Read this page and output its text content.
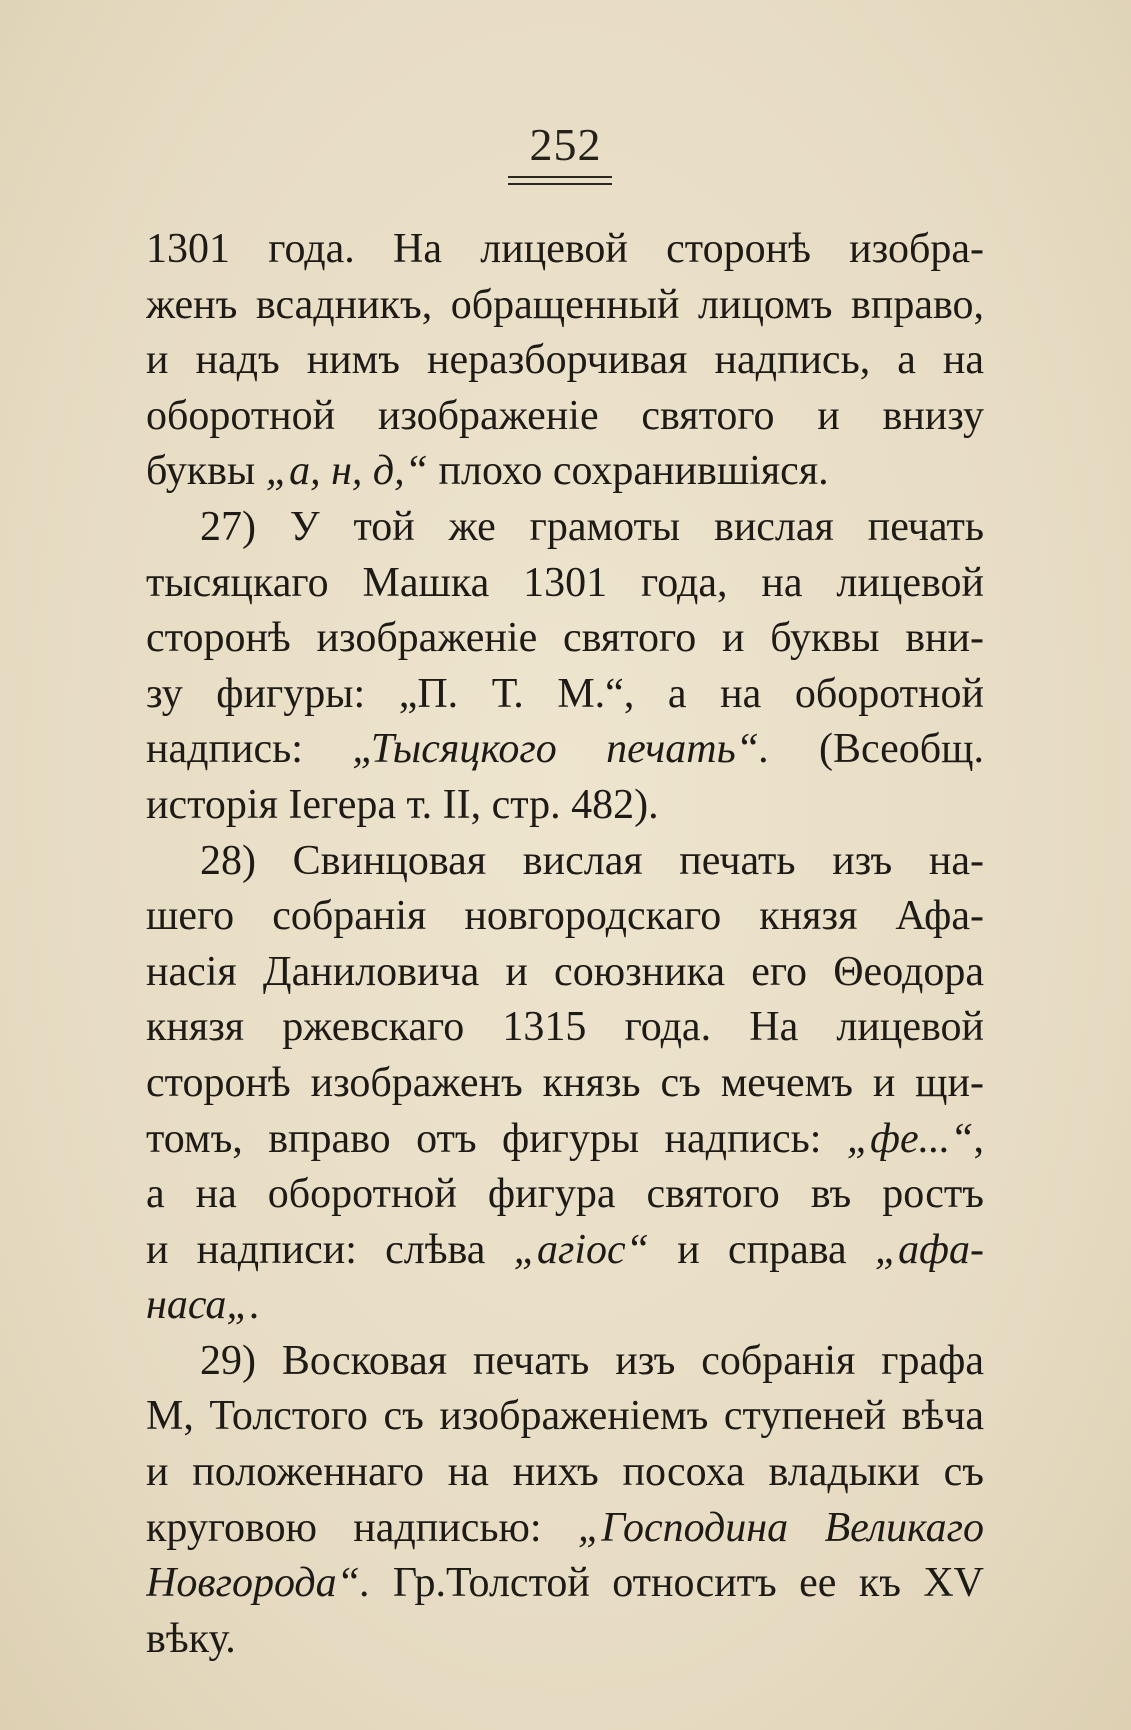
252
1301 года. На лицевой сторонѣ изобра-
женъ всадникъ, обращенный лицомъ вправо,
и надъ нимъ неразборчивая надпись, а на
оборотной изображеніе святого и внизу
буквы „а, н, д,“ плохо сохранившіяся.
27) У той же грамоты вислая печать
тысяцкаго Машка 1301 года, на лицевой
сторонѣ изображеніе святого и буквы вни-
зу фигуры: „П. Т. М.“, а на оборотной
надпись: „Тысяцкого печать“. (Всеобщ.
исторія Іегера т. II, стр. 482).
28) Свинцовая вислая печать изъ на-
шего собранія новгородскаго князя Афа-
насія Даниловича и союзника его Θеодора
князя ржевскаго 1315 года. На лицевой
сторонѣ изображенъ князь съ мечемъ и щи-
томъ, вправо отъ фигуры надпись: „фе...“,
а на оборотной фигура святого въ ростъ
и надписи: слѣва „агіос“ и справа „афа-
наса„.
29) Восковая печать изъ собранія графа
М, Толстого съ изображеніемъ ступеней вѣча
и положеннаго на нихъ посоха владыки съ
круговою надписью: „Господина Великаго
Новгорода“. Гр.Толстой относитъ ее къ XV
вѣку.
